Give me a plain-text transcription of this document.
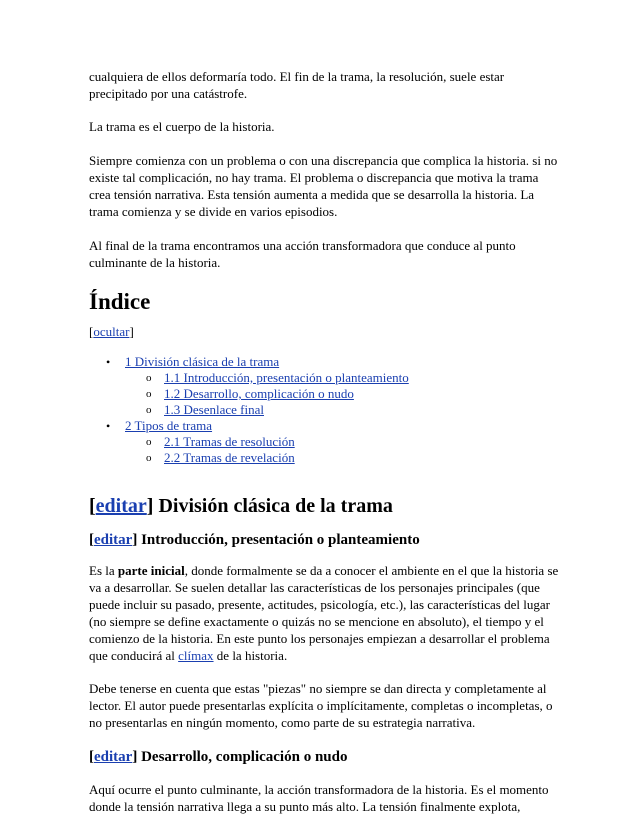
cualquiera de ellos deformaría todo. El fin de la trama, la resolución, suele estar precipitado por una catástrofe.

La trama es el cuerpo de la historia.

Siempre comienza con un problema o con una discrepancia que complica la historia. si no existe tal complicación, no hay trama. El problema o discrepancia que motiva la trama crea tensión narrativa. Esta tensión aumenta a medida que se desarrolla la historia. La trama comienza y se divide en varios episodios.

Al final de la trama encontramos una acción transformadora que conduce al punto culminante de la historia.

Índice
[ocultar]
• 1 División clásica de la trama
o 1.1 Introducción, presentación o planteamiento
o 1.2 Desarrollo, complicación o nudo
o 1.3 Desenlace final
• 2 Tipos de trama
o 2.1 Tramas de resolución
o 2.2 Tramas de revelación
[editar] División clásica de la trama
[editar] Introducción, presentación o planteamiento

Es la parte inicial, donde formalmente se da a conocer el ambiente en el que la historia se va a desarrollar. Se suelen detallar las características de los personajes principales (que puede incluir su pasado, presente, actitudes, psicología, etc.), las características del lugar (no siempre se define exactamente o quizás no se mencione en absoluto), el tiempo y el comienzo de la historia. En este punto los personajes empiezan a desarrollar el problema que conducirá al clímax de la historia.

Debe tenerse en cuenta que estas "piezas" no siempre se dan directa y completamente al lector. El autor puede presentarlas explícita o implícitamente, completas o incompletas, o no presentarlas en ningún momento, como parte de su estrategia narrativa.

[editar] Desarrollo, complicación o nudo

Aquí ocurre el punto culminante, la acción transformadora de la historia. Es el momento donde la tensión narrativa llega a su punto más alto. La tensión finalmente explota,
